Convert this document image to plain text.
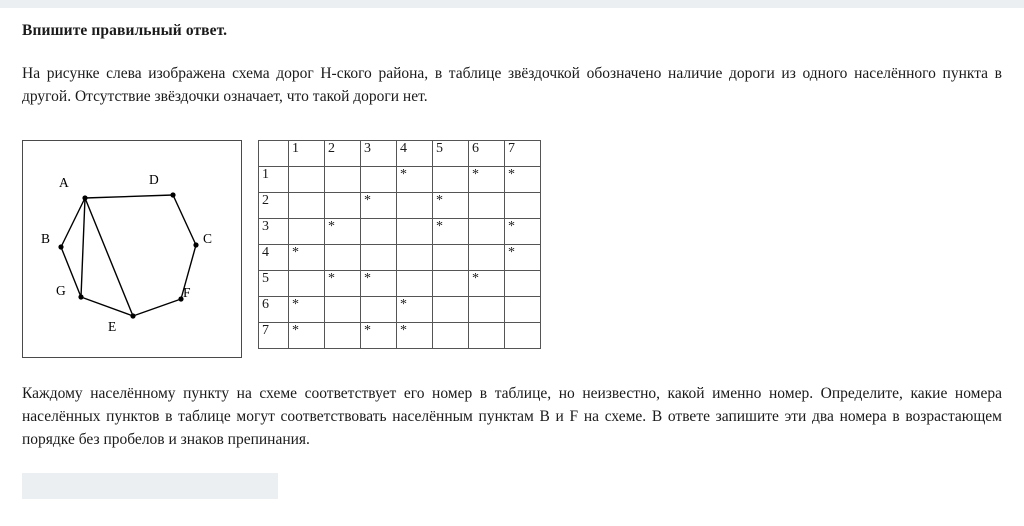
Впишите правильный ответ.

На рисунке слева изображена схема дорог Н-ского района, в таблице звёздочкой обозначено наличие дороги из одного населённого пункта в другой. Отсутствие звёздочки означает, что такой дороги нет.

A	D
B	C
G	F
E
	1	2	3	4	5	6	7
1				*		*	*
2			*		*		
3		*			*		*
4	*						*
5		*	*			*	
6	*			*			
7	*		*	*			

Каждому населённому пункту на схеме соответствует его номер в таблице, но неизвестно, какой именно номер. Определите, какие номера населённых пунктов в таблице могут соответствовать населённым пунктам B и F на схеме. В ответе запишите эти два номера в возрастающем порядке без пробелов и знаков препинания.
